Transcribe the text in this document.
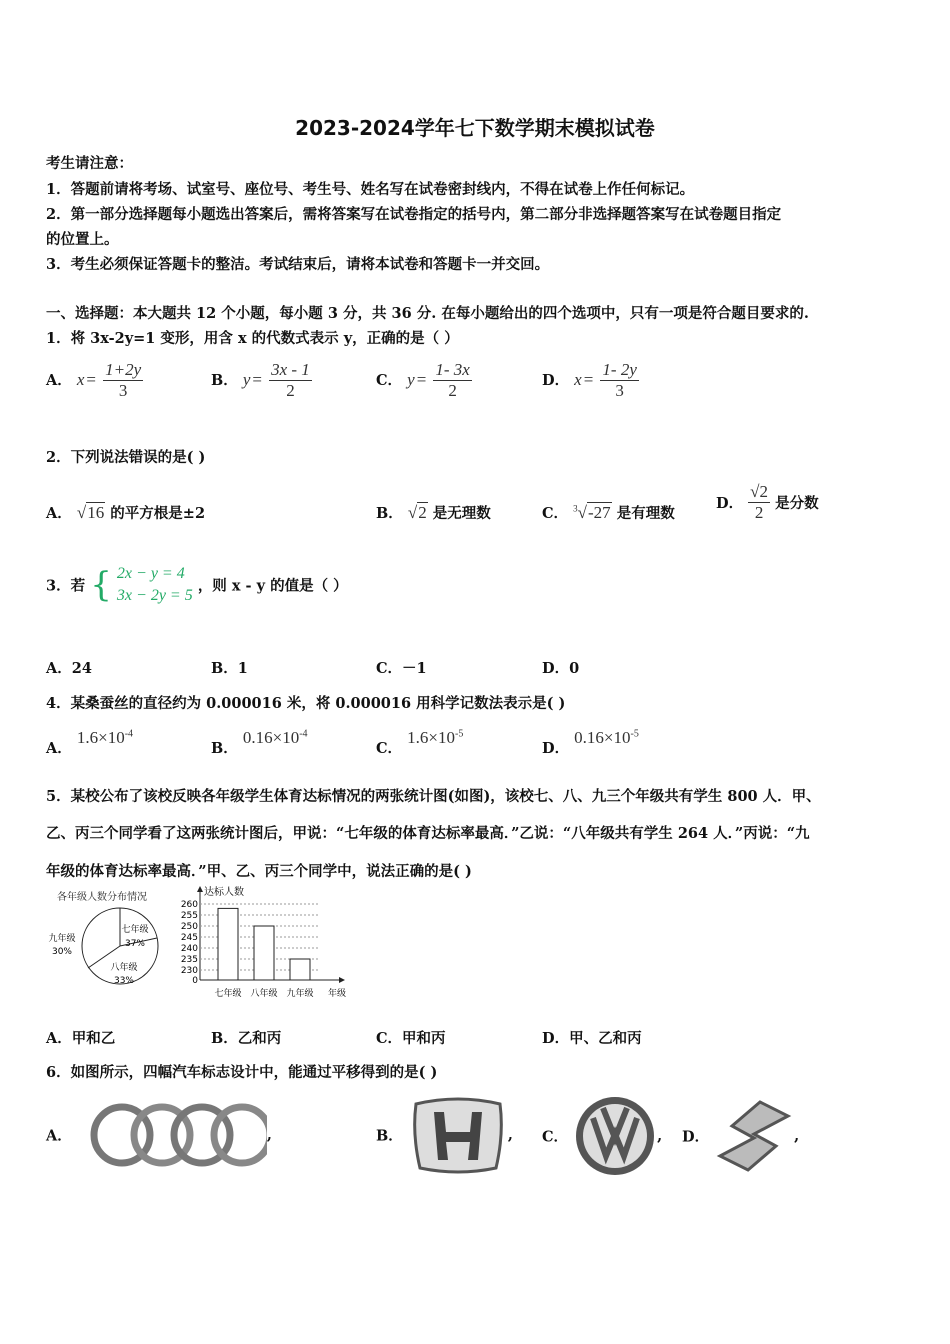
2023-2024学年七下数学期末模拟试卷
考生请注意：
1．答题前请将考场、试室号、座位号、考生号、姓名写在试卷密封线内，不得在试卷上作任何标记。
2．第一部分选择题每小题选出答案后，需将答案写在试卷指定的括号内，第二部分非选择题答案写在试卷题目指定
的位置上。
3．考生必须保证答题卡的整洁。考试结束后，请将本试卷和答题卡一并交回。
一、选择题：本大题共 12 个小题，每小题 3 分，共 36 分. 在每小题给出的四个选项中，只有一项是符合题目要求的.
1．将 3x-2y=1 变形，用含 x 的代数式表示 y，正确的是（ ）
A． $x = \frac{1+2y}{3}$	B． $y = \frac{3x - 1}{2}$	C． $y = \frac{1- 3x}{2}$	D． $x = \frac{1- 2y}{3}$
2．下列说法错误的是( )
A． √16 的平方根是±2	B． √2 是无理数	C． $^3$√-27 是有理数
D． $\frac{√2}{2}$ 是分数
3．若 { 2x − y = 4
3x − 2y = 5
，则 x - y 的值是（ ）
A．24	B．1	C．－1	D．0
4．某桑蚕丝的直径约为 0.000016 米，将 0.000016 用科学记数法表示是( )
A． $1.6\times 10^{-4}$
B． $0.16\times 10^{-4}$
C． $1.6\times 10^{-5}$
D． $0.16\times 10^{-5}$
5．某校公布了该校反映各年级学生体育达标情况的两张统计图(如图)，该校七、八、九三个年级共有学生 800 人．甲、
乙、丙三个同学看了这两张统计图后，甲说：“七年级的体育达标率最高．”乙说：“八年级共有学生 264 人．”丙说：“九
年级的体育达标率最高．”甲、乙、丙三个同学中，说法正确的是( )
各年级人数分布情况
七年级
37%
八年级
33%
九年级
30%
达标人数
260
255
250
245
240
235
230
0
七年级 八年级 九年级 年级
A．甲和乙	B．乙和丙	C．甲和丙	D．甲、乙和丙
6．如图所示，四幅汽车标志设计中，能通过平移得到的是( )
A．	,	B．	, C．	, D．	,
